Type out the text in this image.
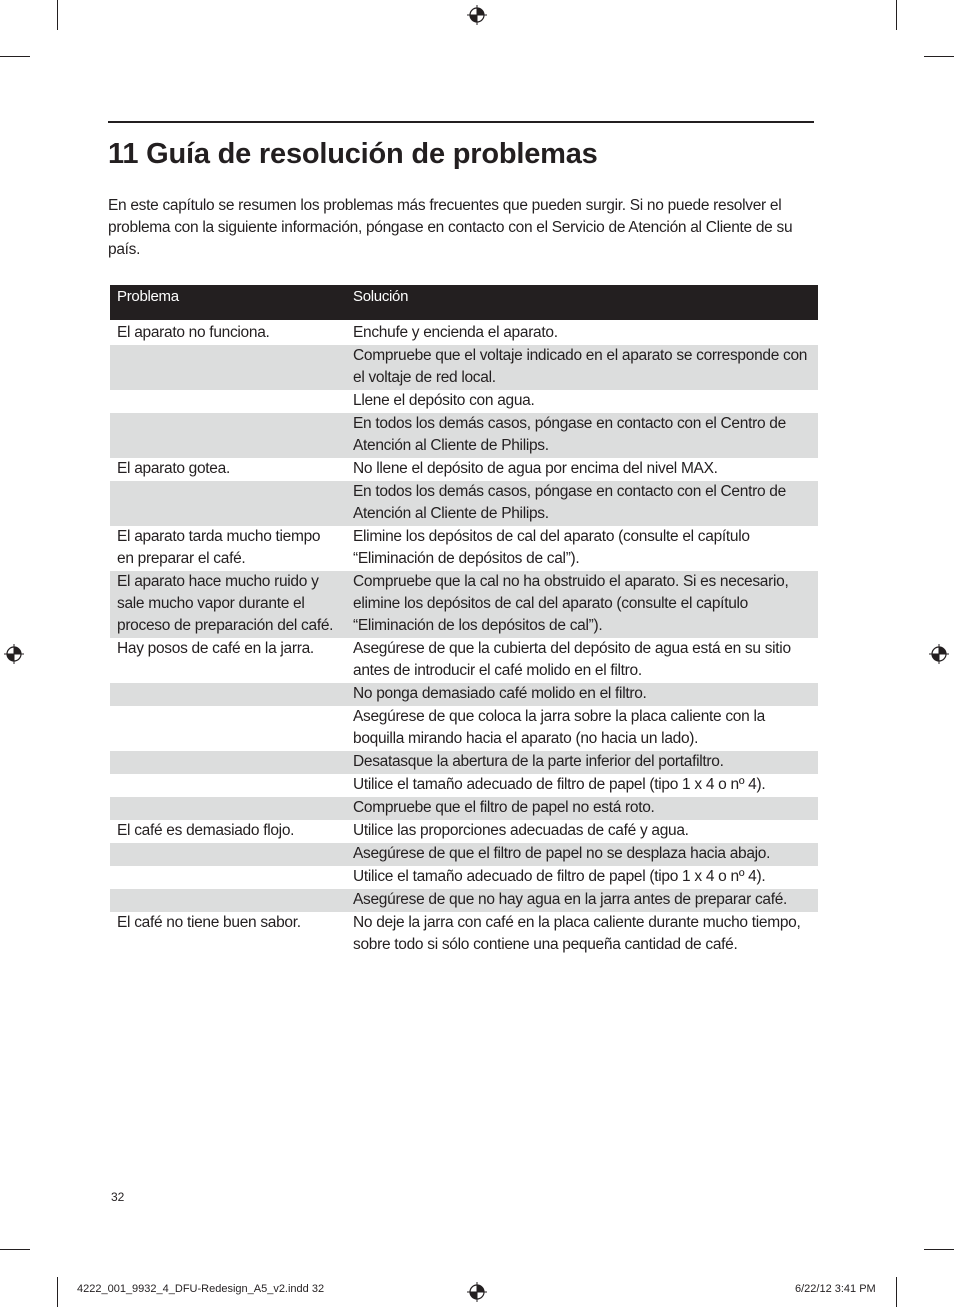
11 Guía de resolución de problemas

En este capítulo se resumen los problemas más frecuentes que pueden surgir. Si no puede resolver el problema con la siguiente información, póngase en contacto con el Servicio de Atención al Cliente de su país.

Problema	Solución
El aparato no funciona.	Enchufe y encienda el aparato.
	Compruebe que el voltaje indicado en el aparato se corresponde con el voltaje de red local.
	Llene el depósito con agua.
	En todos los demás casos, póngase en contacto con el Centro de Atención al Cliente de Philips.
El aparato gotea.	No llene el depósito de agua por encima del nivel MAX.
	En todos los demás casos, póngase en contacto con el Centro de Atención al Cliente de Philips.
El aparato tarda mucho tiempo en preparar el café.	Elimine los depósitos de cal del aparato (consulte el capítulo “Eliminación de depósitos de cal”).
El aparato hace mucho ruido y sale mucho vapor durante el proceso de preparación del café.	Compruebe que la cal no ha obstruido el aparato. Si es necesario, elimine los depósitos de cal del aparato (consulte el capítulo “Eliminación de los depósitos de cal”).
Hay posos de café en la jarra.	Asegúrese de que la cubierta del depósito de agua está en su sitio antes de introducir el café molido en el filtro.
	No ponga demasiado café molido en el filtro.
	Asegúrese de que coloca la jarra sobre la placa caliente con la boquilla mirando hacia el aparato (no hacia un lado).
	Desatasque la abertura de la parte inferior del portafiltro.
	Utilice el tamaño adecuado de filtro de papel (tipo 1 x 4 o nº 4).
	Compruebe que el filtro de papel no está roto.
El café es demasiado flojo.	Utilice las proporciones adecuadas de café y agua.
	Asegúrese de que el filtro de papel no se desplaza hacia abajo.
	Utilice el tamaño adecuado de filtro de papel (tipo 1 x 4 o nº 4).
	Asegúrese de que no hay agua en la jarra antes de preparar café.
El café no tiene buen sabor.	No deje la jarra con café en la placa caliente durante mucho tiempo, sobre todo si sólo contiene una pequeña cantidad de café.
32
4222_001_9932_4_DFU-Redesign_A5_v2.indd 32	6/22/12 3:41 PM
